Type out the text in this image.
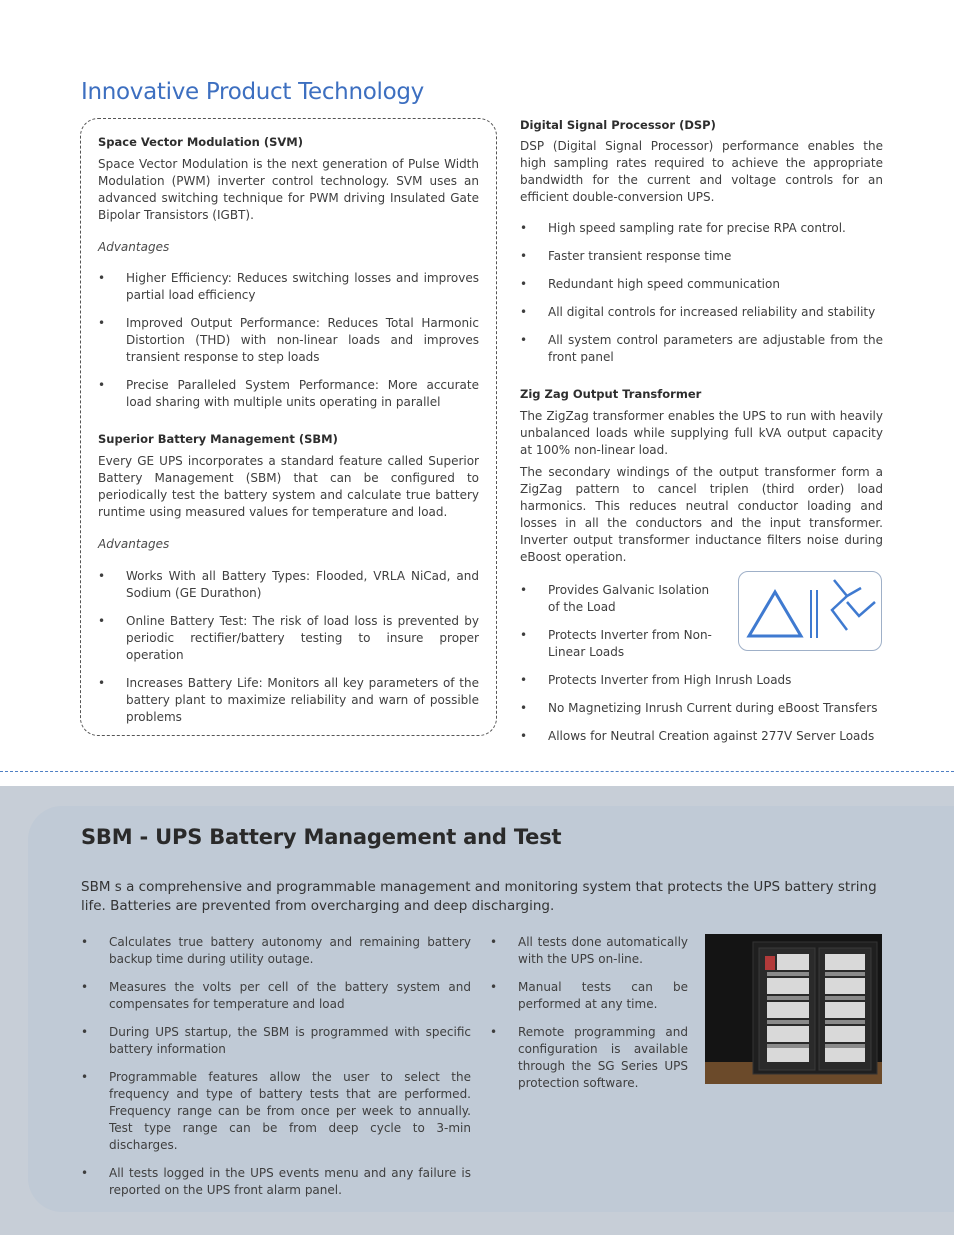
Innovative Product Technology

Space Vector Modulation (SVM)

Space Vector Modulation is the next generation of Pulse Width Modulation (PWM) inverter control technology. SVM uses an advanced switching technique for PWM driving Insulated Gate Bipolar Transistors (IGBT).

Advantages

• Higher Efficiency: Reduces switching losses and improves partial load efficiency
• Improved Output Performance: Reduces Total Harmonic Distortion (THD) with non-linear loads and improves transient response to step loads
• Precise Paralleled System Performance: More accurate load sharing with multiple units operating in parallel

Superior Battery Management (SBM)

Every GE UPS incorporates a standard feature called Superior Battery Management (SBM) that can be configured to periodically test the battery system and calculate true battery runtime using measured values for temperature and load.

Advantages

• Works With all Battery Types: Flooded, VRLA NiCad, and Sodium (GE Durathon)
• Online Battery Test: The risk of load loss is prevented by periodic rectifier/battery testing to insure proper operation
• Increases Battery Life: Monitors all key parameters of the battery plant to maximize reliability and warn of possible problems

Digital Signal Processor (DSP)

DSP (Digital Signal Processor) performance enables the high sampling rates required to achieve the appropriate bandwidth for the current and voltage controls for an efficient double-conversion UPS.

• High speed sampling rate for precise RPA control.
• Faster transient response time
• Redundant high speed communication
• All digital controls for increased reliability and stability
• All system control parameters are adjustable from the front panel

Zig Zag Output Transformer

The ZigZag transformer enables the UPS to run with heavily unbalanced loads while supplying full kVA output capacity at 100% non-linear load.

The secondary windings of the output transformer form a ZigZag pattern to cancel triplen (third order) load harmonics. This reduces neutral conductor loading and losses in all the conductors and the input transformer. Inverter output transformer inductance filters noise during eBoost operation.

• Provides Galvanic Isolation of the Load
• Protects Inverter from Non-Linear Loads
• Protects Inverter from High Inrush Loads
• No Magnetizing Inrush Current during eBoost Transfers
• Allows for Neutral Creation against 277V Server Loads
SBM - UPS Battery Management and Test

SBM s a comprehensive and programmable management and monitoring system that protects the UPS battery string life. Batteries are prevented from overcharging and deep discharging.

• Calculates true battery autonomy and remaining battery backup time during utility outage.
• Measures the volts per cell of the battery system and compensates for temperature and load
• During UPS startup, the SBM is programmed with specific battery information
• Programmable features allow the user to select the frequency and type of battery tests that are performed. Frequency range can be from once per week to annually. Test type range can be from deep cycle to 3-min discharges.
• All tests logged in the UPS events menu and any failure is reported on the UPS front alarm panel.
• All tests done automatically with the UPS on-line.
• Manual tests can be performed at any time.
• Remote programming and configuration is available through the SG Series UPS protection software.
